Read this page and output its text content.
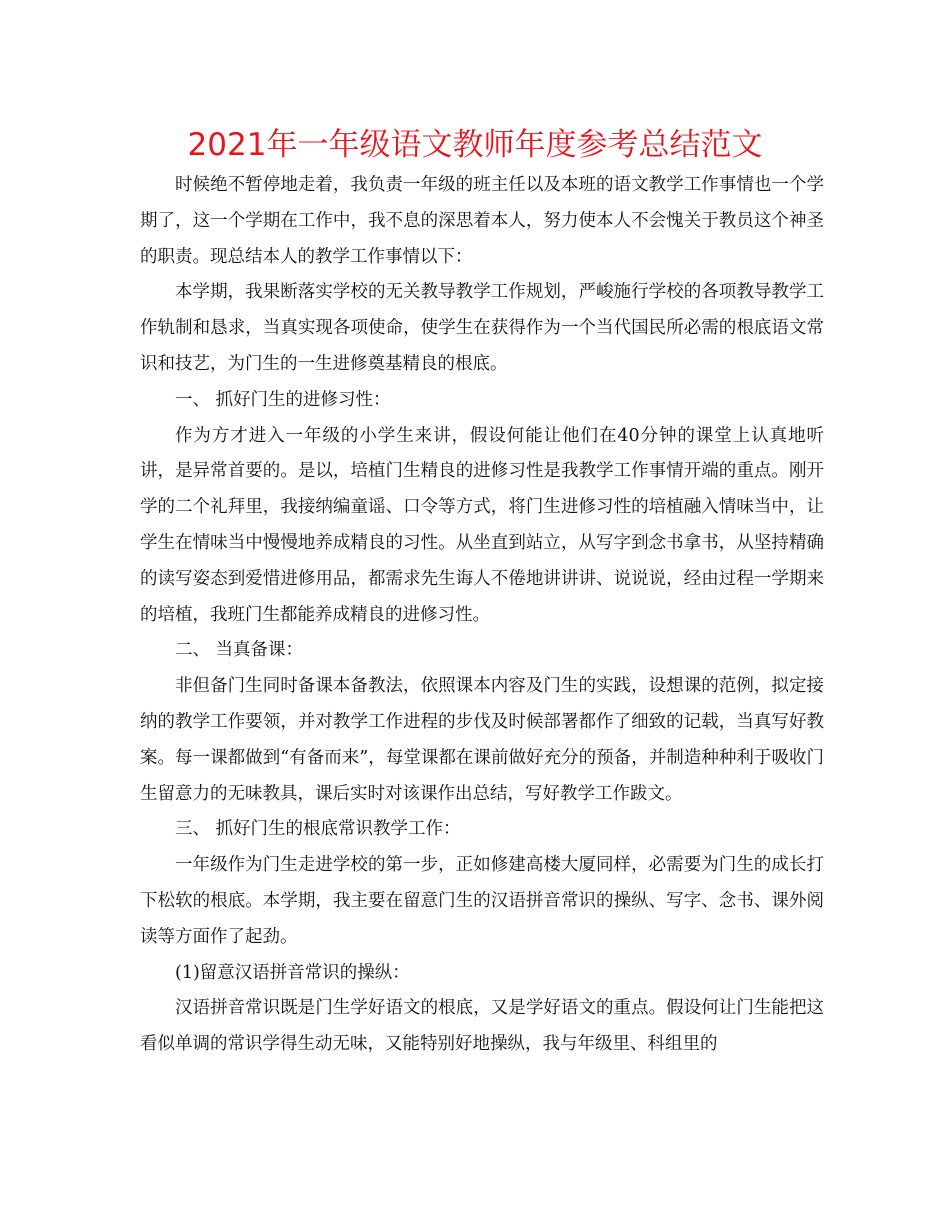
2021年一年级语文教师年度参考总结范文

时候绝不暂停地走着，我负责一年级的班主任以及本班的语文教学工作事情也一个学期了，这一个学期在工作中，我不息的深思着本人，努力使本人不会愧关于教员这个神圣的职责。现总结本人的教学工作事情以下：

本学期，我果断落实学校的无关教导教学工作规划，严峻施行学校的各项教导教学工作轨制和恳求，当真实现各项使命，使学生在获得作为一个当代国民所必需的根底语文常识和技艺，为门生的一生进修奠基精良的根底。

一、 抓好门生的进修习性：

作为方才进入一年级的小学生来讲，假设何能让他们在40分钟的课堂上认真地听讲，是异常首要的。是以，培植门生精良的进修习性是我教学工作事情开端的重点。刚开学的二个礼拜里，我接纳编童谣、口令等方式，将门生进修习性的培植融入情味当中，让学生在情味当中慢慢地养成精良的习性。从坐直到站立，从写字到念书拿书，从坚持精确的读写姿态到爱惜进修用品，都需求先生诲人不倦地讲讲讲、说说说，经由过程一学期来的培植，我班门生都能养成精良的进修习性。

二、 当真备课：

非但备门生同时备课本备教法，依照课本内容及门生的实践，设想课的范例，拟定接纳的教学工作要领，并对教学工作进程的步伐及时候部署都作了细致的记载，当真写好教案。每一课都做到“有备而来”，每堂课都在课前做好充分的预备，并制造种种利于吸收门生留意力的无味教具，课后实时对该课作出总结，写好教学工作跋文。

三、 抓好门生的根底常识教学工作：

一年级作为门生走进学校的第一步，正如修建高楼大厦同样，必需要为门生的成长打下松软的根底。本学期，我主要在留意门生的汉语拼音常识的操纵、写字、念书、课外阅读等方面作了起劲。

(1)留意汉语拼音常识的操纵：

汉语拼音常识既是门生学好语文的根底，又是学好语文的重点。假设何让门生能把这看似单调的常识学得生动无味，又能特别好地操纵，我与年级里、科组里的
